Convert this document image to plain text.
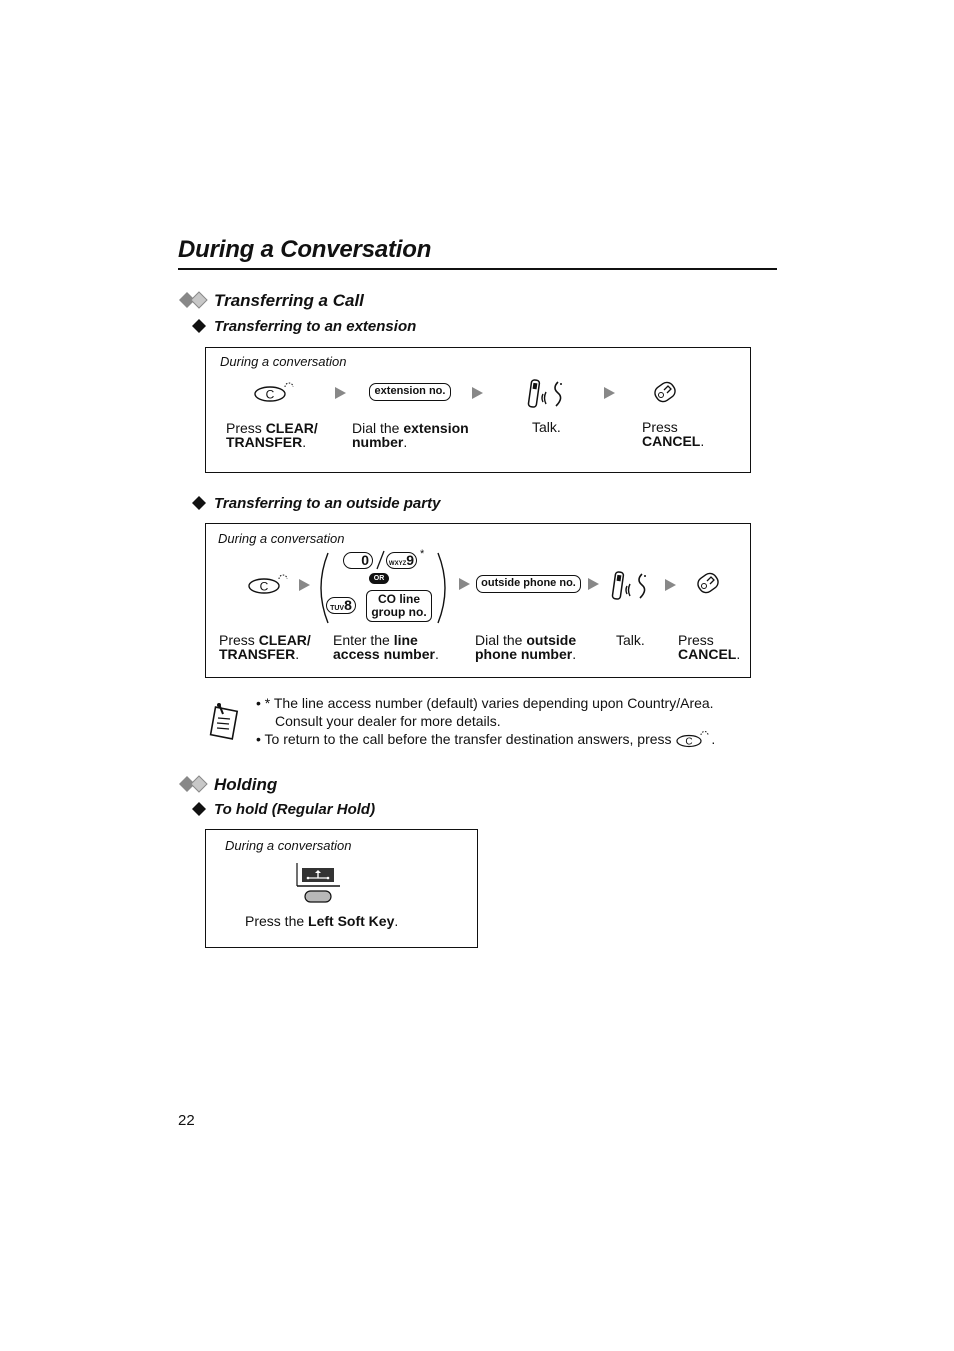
During a Conversation
Transferring a Call
Transferring to an extension
During a conversation
C	extension no.
Press CLEAR/
TRANSFER.
Dial the extension
number.
Talk.	Press
CANCEL.
Transferring to an outside party
During a conversation
C
0	WXYZ9 *
OR
TUV8	CO line
group no.
outside phone no.
Press CLEAR/
TRANSFER.
Enter the line
access number.
Dial the outside
phone number.
Talk. Press
CANCEL.
• * The line access number (default) varies depending upon Country/Area.
Consult your dealer for more details.
• To return to the call before the transfer destination answers, press C .
Holding
To hold (Regular Hold)
During a conversation
Press the Left Soft Key.
22
